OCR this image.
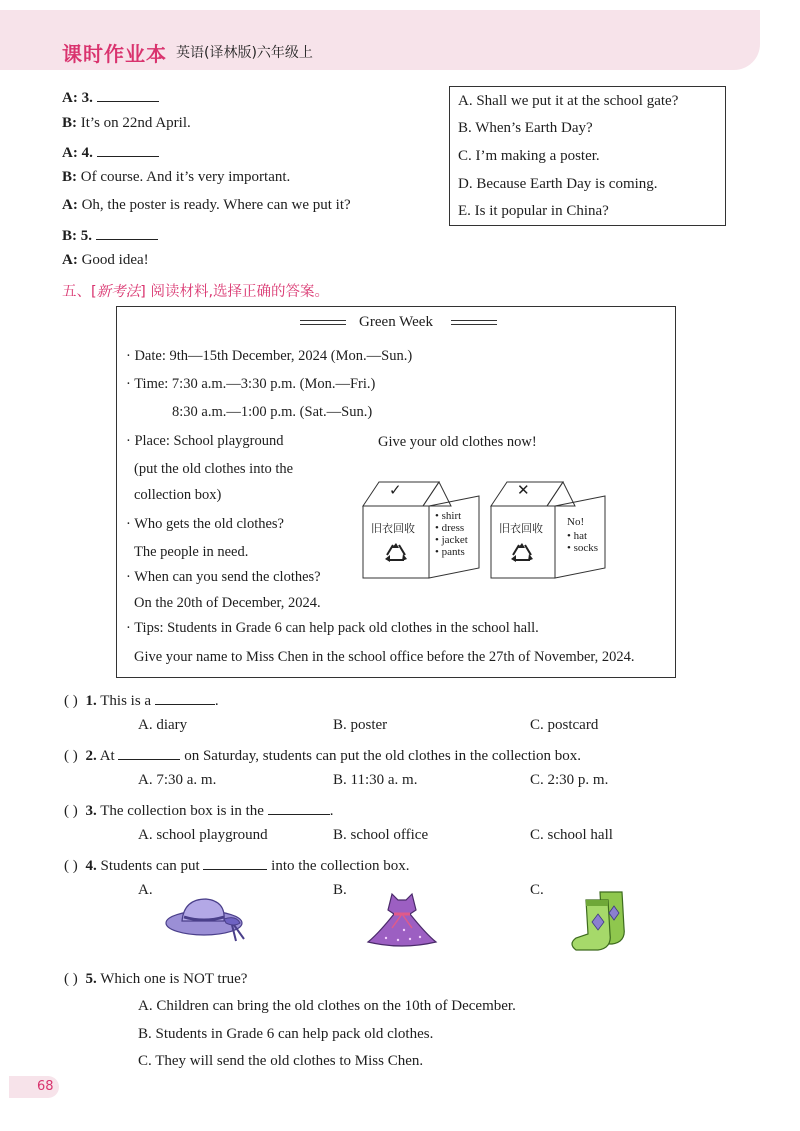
课时作业本 英语(译林版)六年级上
A: 3.
B: It’s on 22nd April.
A: 4.
B: Of course. And it’s very important.
A: Oh, the poster is ready. Where can we put it?
B: 5.
A: Good idea!
A. Shall we put it at the school gate?
B. When’s Earth Day?
C. I’m making a poster.
D. Because Earth Day is coming.
E. Is it popular in China?
五、[新考法] 阅读材料,选择正确的答案。
Green Week
· Date: 9th—15th December, 2024 (Mon.—Sun.)
· Time: 7:30 a.m.—3:30 p.m. (Mon.—Fri.)
8:30 a.m.—1:00 p.m. (Sat.—Sun.)
· Place: School playground
(put the old clothes into the
collection box)
· Who gets the old clothes?
The people in need.
· When can you send the clothes?
On the 20th of December, 2024.
· Tips: Students in Grade 6 can help pack old clothes in the school hall.
Give your name to Miss Chen in the school office before the 27th of November, 2024.
Give your old clothes now!
✓
旧衣回收
• shirt
• dress
• jacket
• pants
✕
旧衣回收
No!
• hat
• socks
( ) 1. This is a	.
A. diary	B. poster	C. postcard
( ) 2. At	on Saturday, students can put the old clothes in the collection box.
A. 7:30 a. m.	B. 11:30 a. m.	C. 2:30 p. m.
( ) 3. The collection box is in the	.
A. school playground	B. school office	C. school hall
( ) 4. Students can put	into the collection box.
A.	B.	C.
( ) 5. Which one is NOT true?
A. Children can bring the old clothes on the 10th of December.
B. Students in Grade 6 can help pack old clothes.
C. They will send the old clothes to Miss Chen.
68
